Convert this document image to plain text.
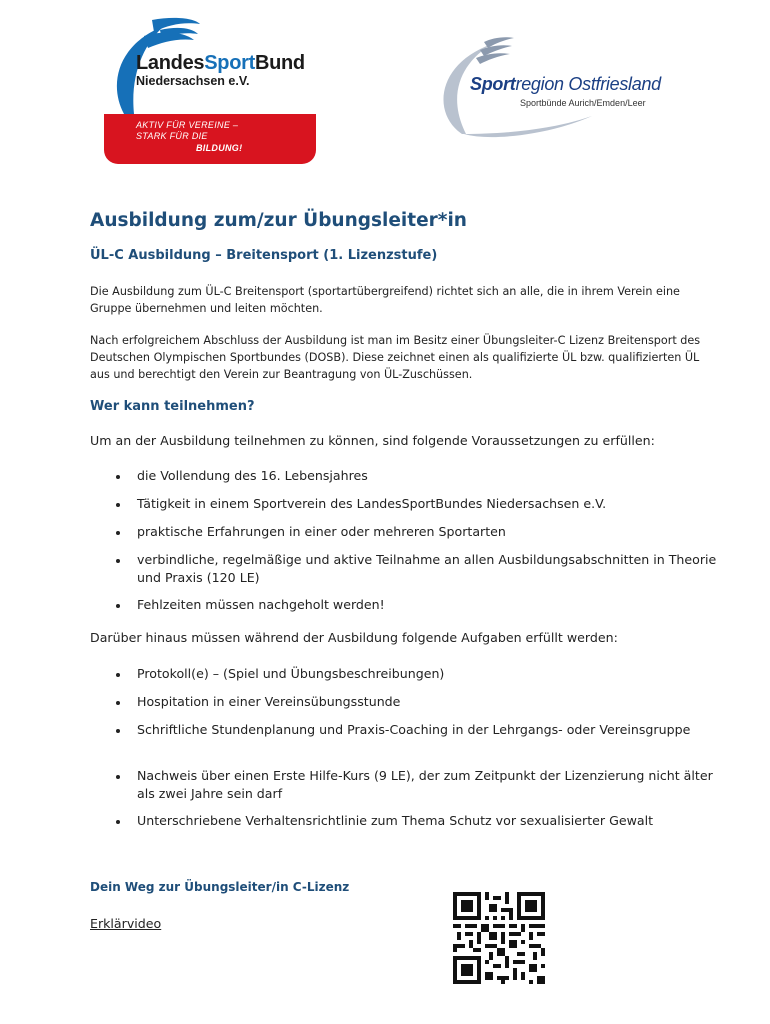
LandesSportBund
Niedersachsen e.V.
AKTIV FÜR VEREINE –
STARK FÜR DIE
BILDUNG!
Sportregion Ostfriesland
Sportbünde Aurich/Emden/Leer
Ausbildung zum/zur Übungsleiter*in
ÜL-C Ausbildung – Breitensport (1. Lizenzstufe)
Die Ausbildung zum ÜL-C Breitensport (sportartübergreifend) richtet sich an alle, die in ihrem Verein eine Gruppe übernehmen und leiten möchten.
Nach erfolgreichem Abschluss der Ausbildung ist man im Besitz einer Übungsleiter-C Lizenz Breitensport des Deutschen Olympischen Sportbundes (DOSB). Diese zeichnet einen als qualifizierte ÜL bzw. qualifizierten ÜL aus und berechtigt den Verein zur Beantragung von ÜL-Zuschüssen.
Wer kann teilnehmen?
Um an der Ausbildung teilnehmen zu können, sind folgende Voraussetzungen zu erfüllen:
die Vollendung des 16. Lebensjahres
Tätigkeit in einem Sportverein des LandesSportBundes Niedersachsen e.V.
praktische Erfahrungen in einer oder mehreren Sportarten
verbindliche, regelmäßige und aktive Teilnahme an allen Ausbildungsabschnitten in Theorie und Praxis (120 LE)
Fehlzeiten müssen nachgeholt werden!
Darüber hinaus müssen während der Ausbildung folgende Aufgaben erfüllt werden:
Protokoll(e) – (Spiel und Übungsbeschreibungen)
Hospitation in einer Vereinsübungsstunde
Schriftliche Stundenplanung und Praxis-Coaching in der Lehrgangs- oder Vereinsgruppe
Nachweis über einen Erste Hilfe-Kurs (9 LE), der zum Zeitpunkt der Lizenzierung nicht älter als zwei Jahre sein darf
Unterschriebene Verhaltensrichtlinie zum Thema Schutz vor sexualisierter Gewalt
Dein Weg zur Übungsleiter/in C-Lizenz
Erklärvideo
